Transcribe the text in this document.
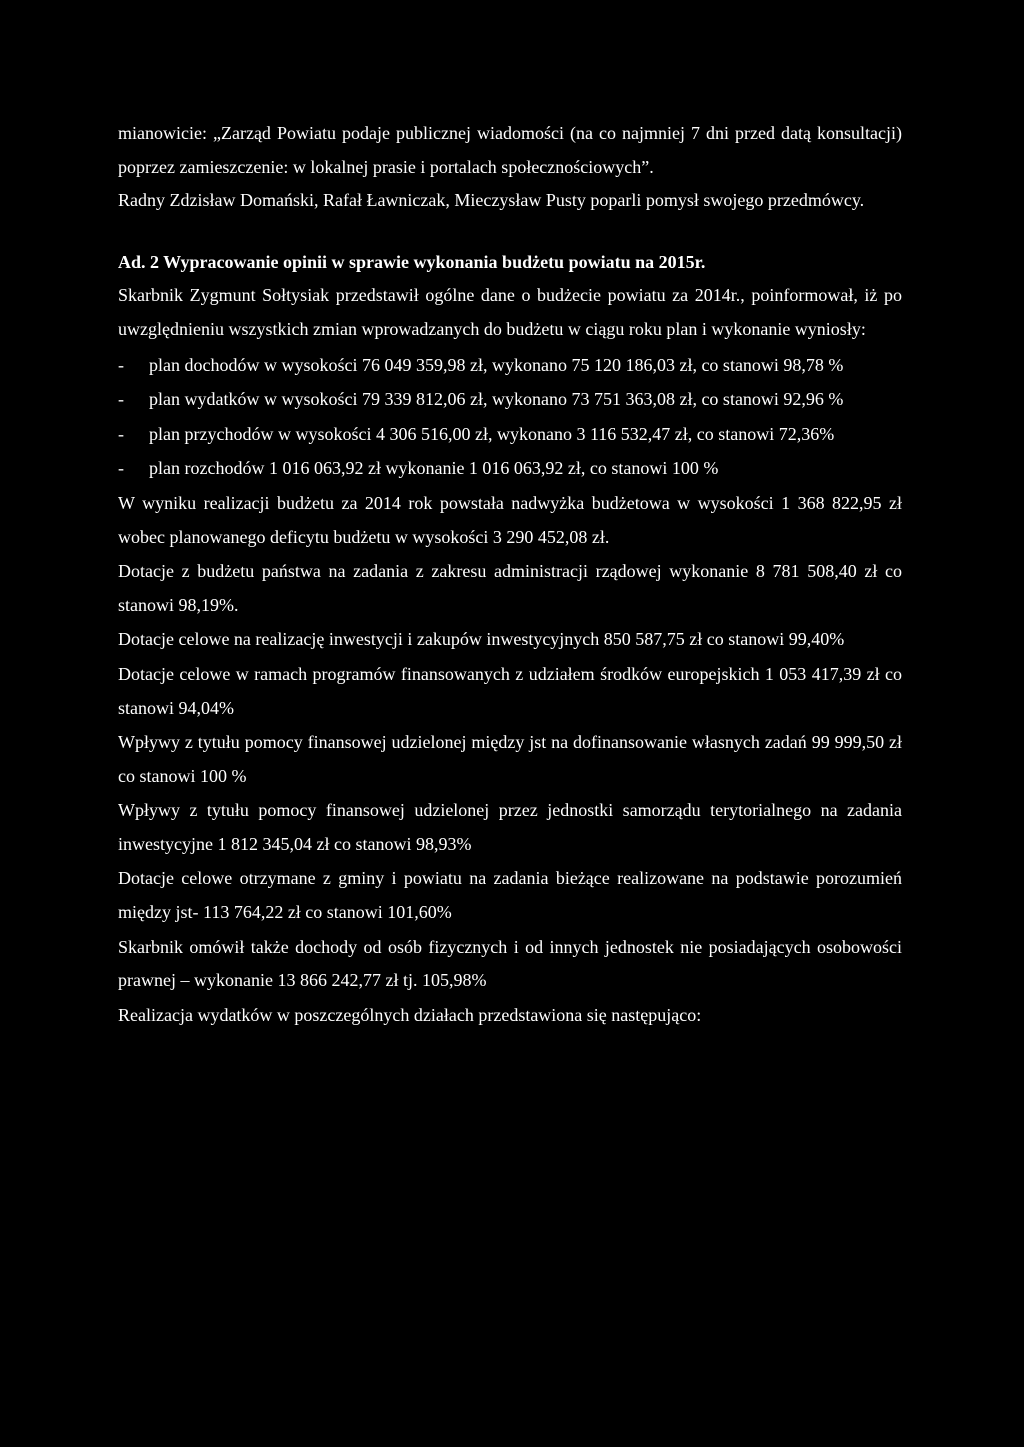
mianowicie: „Zarząd Powiatu podaje publicznej wiadomości (na co najmniej 7 dni przed datą konsultacji) poprzez zamieszczenie: w lokalnej prasie i portalach społecznościowych”.

Radny Zdzisław Domański, Rafał Ławniczak, Mieczysław Pusty poparli pomysł swojego przedmówcy.

Ad. 2 Wypracowanie opinii w sprawie wykonania budżetu powiatu na 2015r.

Skarbnik Zygmunt Sołtysiak przedstawił ogólne dane o budżecie powiatu za 2014r., poinformował, iż po uwzględnieniu wszystkich zmian wprowadzanych do budżetu w ciągu roku plan i wykonanie wyniosły:

- plan dochodów w wysokości 76 049 359,98 zł, wykonano 75 120 186,03 zł, co stanowi 98,78 %
- plan wydatków w wysokości 79 339 812,06 zł, wykonano 73 751 363,08 zł, co stanowi 92,96 %
- plan przychodów w wysokości 4 306 516,00 zł, wykonano 3 116 532,47 zł, co stanowi 72,36%
- plan rozchodów 1 016 063,92 zł wykonanie 1 016 063,92 zł, co stanowi 100 %

W wyniku realizacji budżetu za 2014 rok powstała nadwyżka budżetowa w wysokości 1 368 822,95 zł wobec planowanego deficytu budżetu w wysokości 3 290 452,08 zł.

Dotacje z budżetu państwa na zadania z zakresu administracji rządowej wykonanie 8 781 508,40 zł co stanowi 98,19%.

Dotacje celowe na realizację inwestycji i zakupów inwestycyjnych 850 587,75 zł co stanowi 99,40%

Dotacje celowe w ramach programów finansowanych z udziałem środków europejskich 1 053 417,39 zł co stanowi 94,04%

Wpływy z tytułu pomocy finansowej udzielonej między jst na dofinansowanie własnych zadań 99 999,50 zł co stanowi 100 %

Wpływy z tytułu pomocy finansowej udzielonej przez jednostki samorządu terytorialnego na zadania inwestycyjne 1 812 345,04 zł co stanowi 98,93%

Dotacje celowe otrzymane z gminy i powiatu na zadania bieżące realizowane na podstawie porozumień między jst- 113 764,22 zł co stanowi 101,60%

Skarbnik omówił także dochody od osób fizycznych i od innych jednostek nie posiadających osobowości prawnej – wykonanie 13 866 242,77 zł tj. 105,98%

Realizacja wydatków w poszczególnych działach przedstawiona się następująco:
